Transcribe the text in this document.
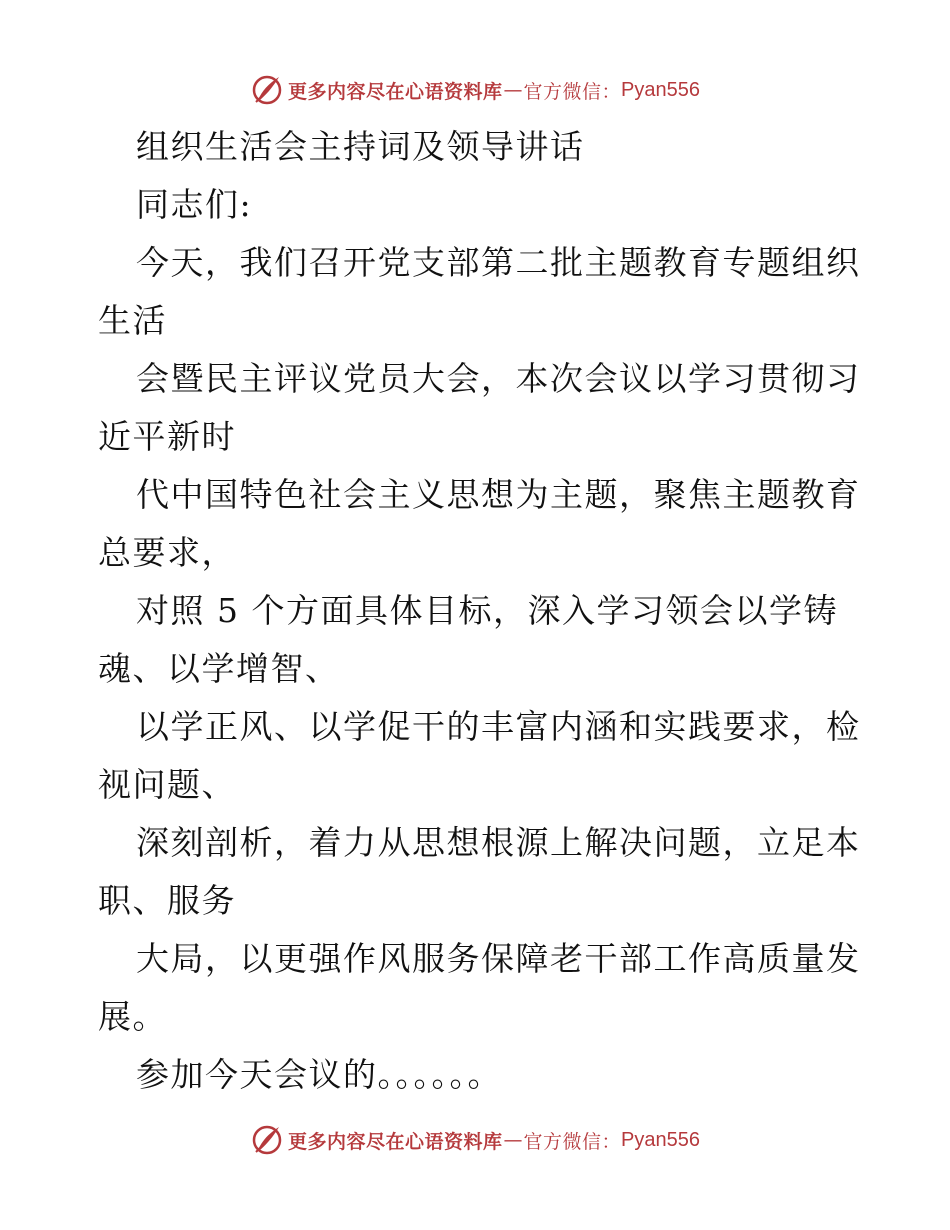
更多内容尽在心语资料库 — 官方微信： Pyan556
组织生活会主持词及领导讲话
同志们:
今天，我们召开党支部第二批主题教育专题组织
生活
会暨民主评议党员大会，本次会议以学习贯彻习
近平新时
代中国特色社会主义思想为主题，聚焦主题教育
总要求，
对照 5 个方面具体目标，深入学习领会以学铸
魂、以学增智、
以学正风、以学促干的丰富内涵和实践要求，检
视问题、
深刻剖析，着力从思想根源上解决问题，立足本
职、服务
大局，以更强作风服务保障老干部工作高质量发
展。
参加今天会议的。。。。。。
更多内容尽在心语资料库 — 官方微信： Pyan556
